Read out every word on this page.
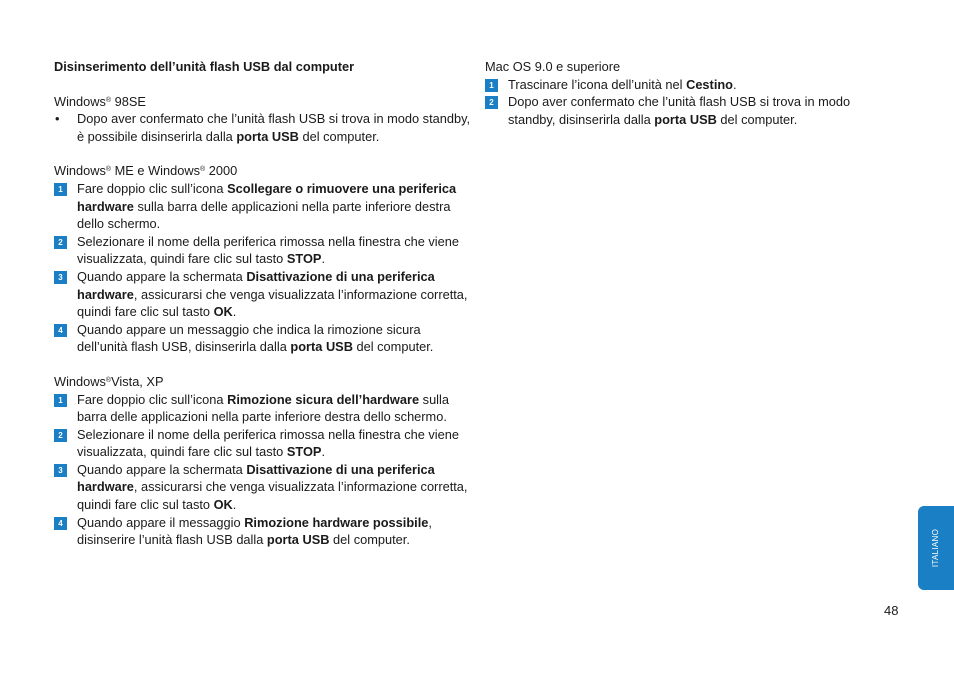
Disinserimento dell’unità flash USB dal computer

Windows® 98SE

• Dopo aver confermato che l’unità flash USB si trova in modo standby, è possibile disinserirla dalla porta USB del computer.

Windows® ME e Windows® 2000

1	Fare doppio clic sull’icona Scollegare o rimuovere una periferica hardware sulla barra delle applicazioni nella parte inferiore destra dello schermo.
2	Selezionare il nome della periferica rimossa nella finestra che viene visualizzata, quindi fare clic sul tasto STOP.
3	Quando appare la schermata Disattivazione di una periferica hardware, assicurarsi che venga visualizzata l’informazione corretta, quindi fare clic sul tasto OK.
4	Quando appare un messaggio che indica la rimozione sicura dell’unità flash USB, disinserirla dalla porta USB del computer.

Windows®Vista, XP

1	Fare doppio clic sull’icona Rimozione sicura dell’hardware sulla barra delle applicazioni nella parte inferiore destra dello schermo.
2	Selezionare il nome della periferica rimossa nella finestra che viene visualizzata, quindi fare clic sul tasto STOP.
3	Quando appare la schermata Disattivazione di una periferica hardware, assicurarsi che venga visualizzata l’informazione corretta, quindi fare clic sul tasto OK.
4	Quando appare il messaggio Rimozione hardware possibile, disinserire l’unità flash USB dalla porta USB del computer.

Mac OS 9.0 e superiore

1	Trascinare l’icona dell’unità nel Cestino.
2	Dopo aver confermato che l’unità flash USB si trova in modo standby, disinserirla dalla porta USB del computer.
ITALIANO
48
